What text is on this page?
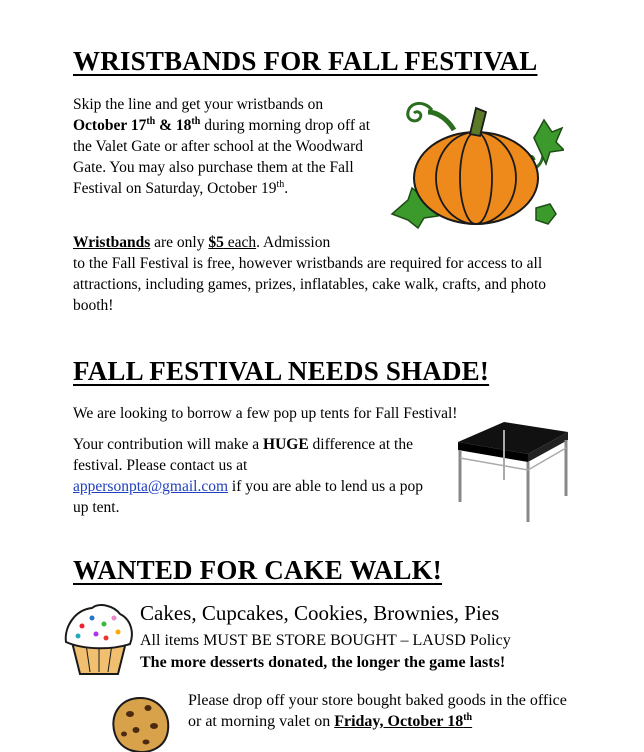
WRISTBANDS FOR FALL FESTIVAL

Skip the line and get your wristbands on
October 17th & 18th during morning drop off at the Valet Gate or after school at the Woodward Gate. You may also purchase them at the Fall Festival on Saturday, October 19th.

Wristbands are only $5 each. Admission

to the Fall Festival is free, however wristbands are required for access to all attractions, including games, prizes, inflatables, cake walk, crafts, and photo booth!

FALL FESTIVAL NEEDS SHADE!

We are looking to borrow a few pop up tents for Fall Festival!

Your contribution will make a HUGE difference at the festival. Please contact us at
appersonpta@gmail.com if you are able to lend us a pop up tent.

WANTED FOR CAKE WALK!

Cakes, Cupcakes, Cookies, Brownies, Pies

All items MUST BE STORE BOUGHT – LAUSD Policy

The more desserts donated, the longer the game lasts!

Please drop off your store bought baked goods in the office or at morning valet on Friday, October 18th
